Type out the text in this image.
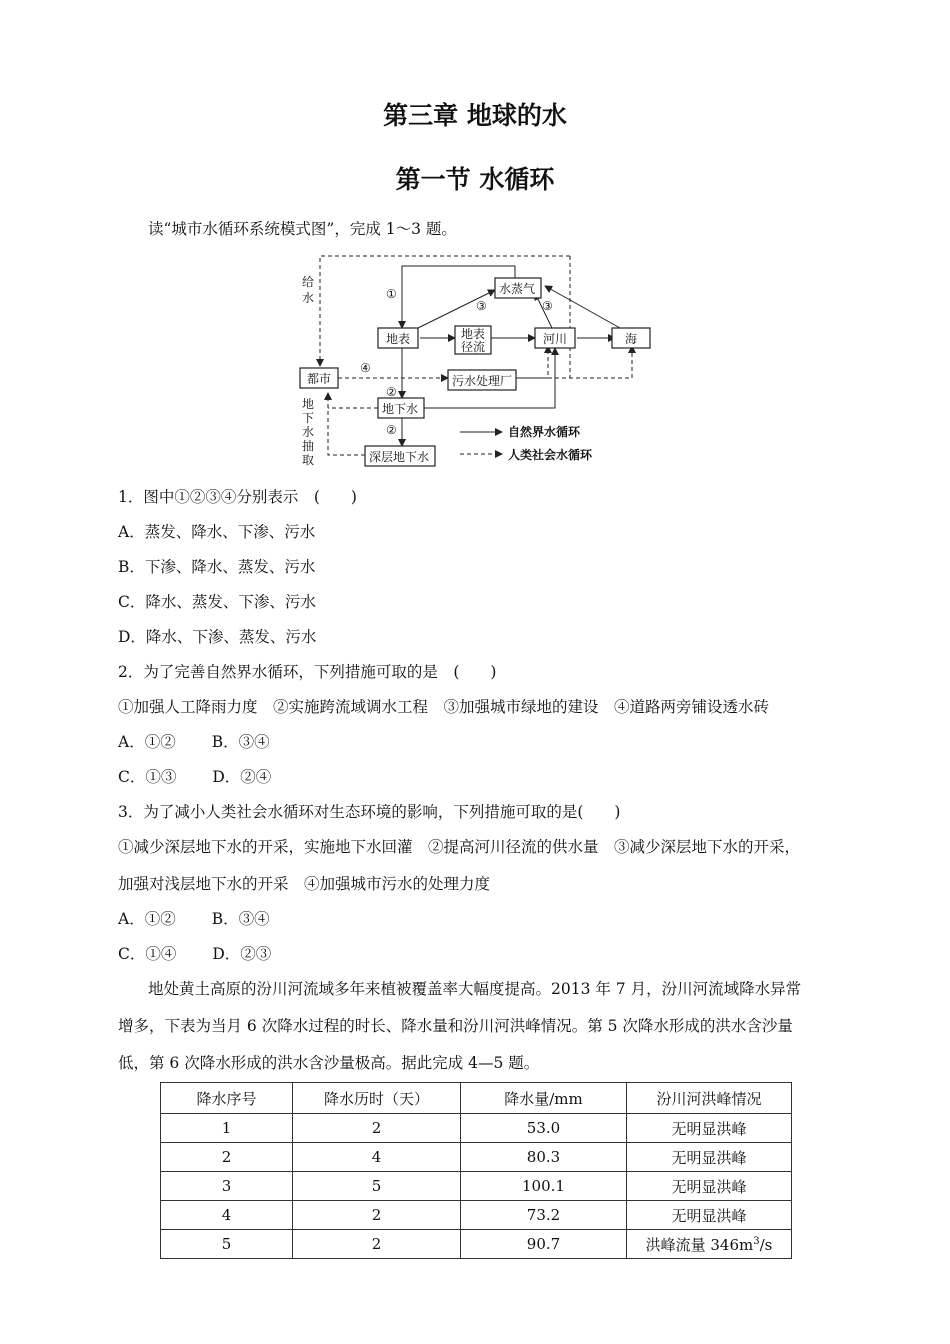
第三章 地球的水
第一节 水循环
读“城市水循环系统模式图”，完成 1～3 题。
给
水
地
下
水
抽
取
都市
地表	地表
径流
水蒸气
河川	海
污水处理厂
地下水
深层地下水
①
②
②
③	③
④
自然界水循环
人类社会水循环
1．图中①②③④分别表示　(　　)
A．蒸发、降水、下渗、污水
B．下渗、降水、蒸发、污水
C．降水、蒸发、下渗、污水
D．降水、下渗、蒸发、污水
2．为了完善自然界水循环，下列措施可取的是　(　　)
①加强人工降雨力度　②实施跨流域调水工程　③加强城市绿地的建设　④道路两旁铺设透水砖
A．①② B．③④
C．①③ D．②④
3．为了减小人类社会水循环对生态环境的影响，下列措施可取的是(　　)
①减少深层地下水的开采，实施地下水回灌　②提高河川径流的供水量　③减少深层地下水的开采，
加强对浅层地下水的开采　④加强城市污水的处理力度
A．①② B．③④
C．①④ D．②③
地处黄土高原的汾川河流域多年来植被覆盖率大幅度提高。2013 年 7 月，汾川河流域降水异常
增多，下表为当月 6 次降水过程的时长、降水量和汾川河洪峰情况。第 5 次降水形成的洪水含沙量
低，第 6 次降水形成的洪水含沙量极高。据此完成 4—5 题。
降水序号	降水历时（天）	降水量/mm	汾川河洪峰情况
1	2	53.0	无明显洪峰
2	4	80.3	无明显洪峰
3	5	100.1	无明显洪峰
4	2	73.2	无明显洪峰
5	2	90.7	洪峰流量 $346m^3/s$
